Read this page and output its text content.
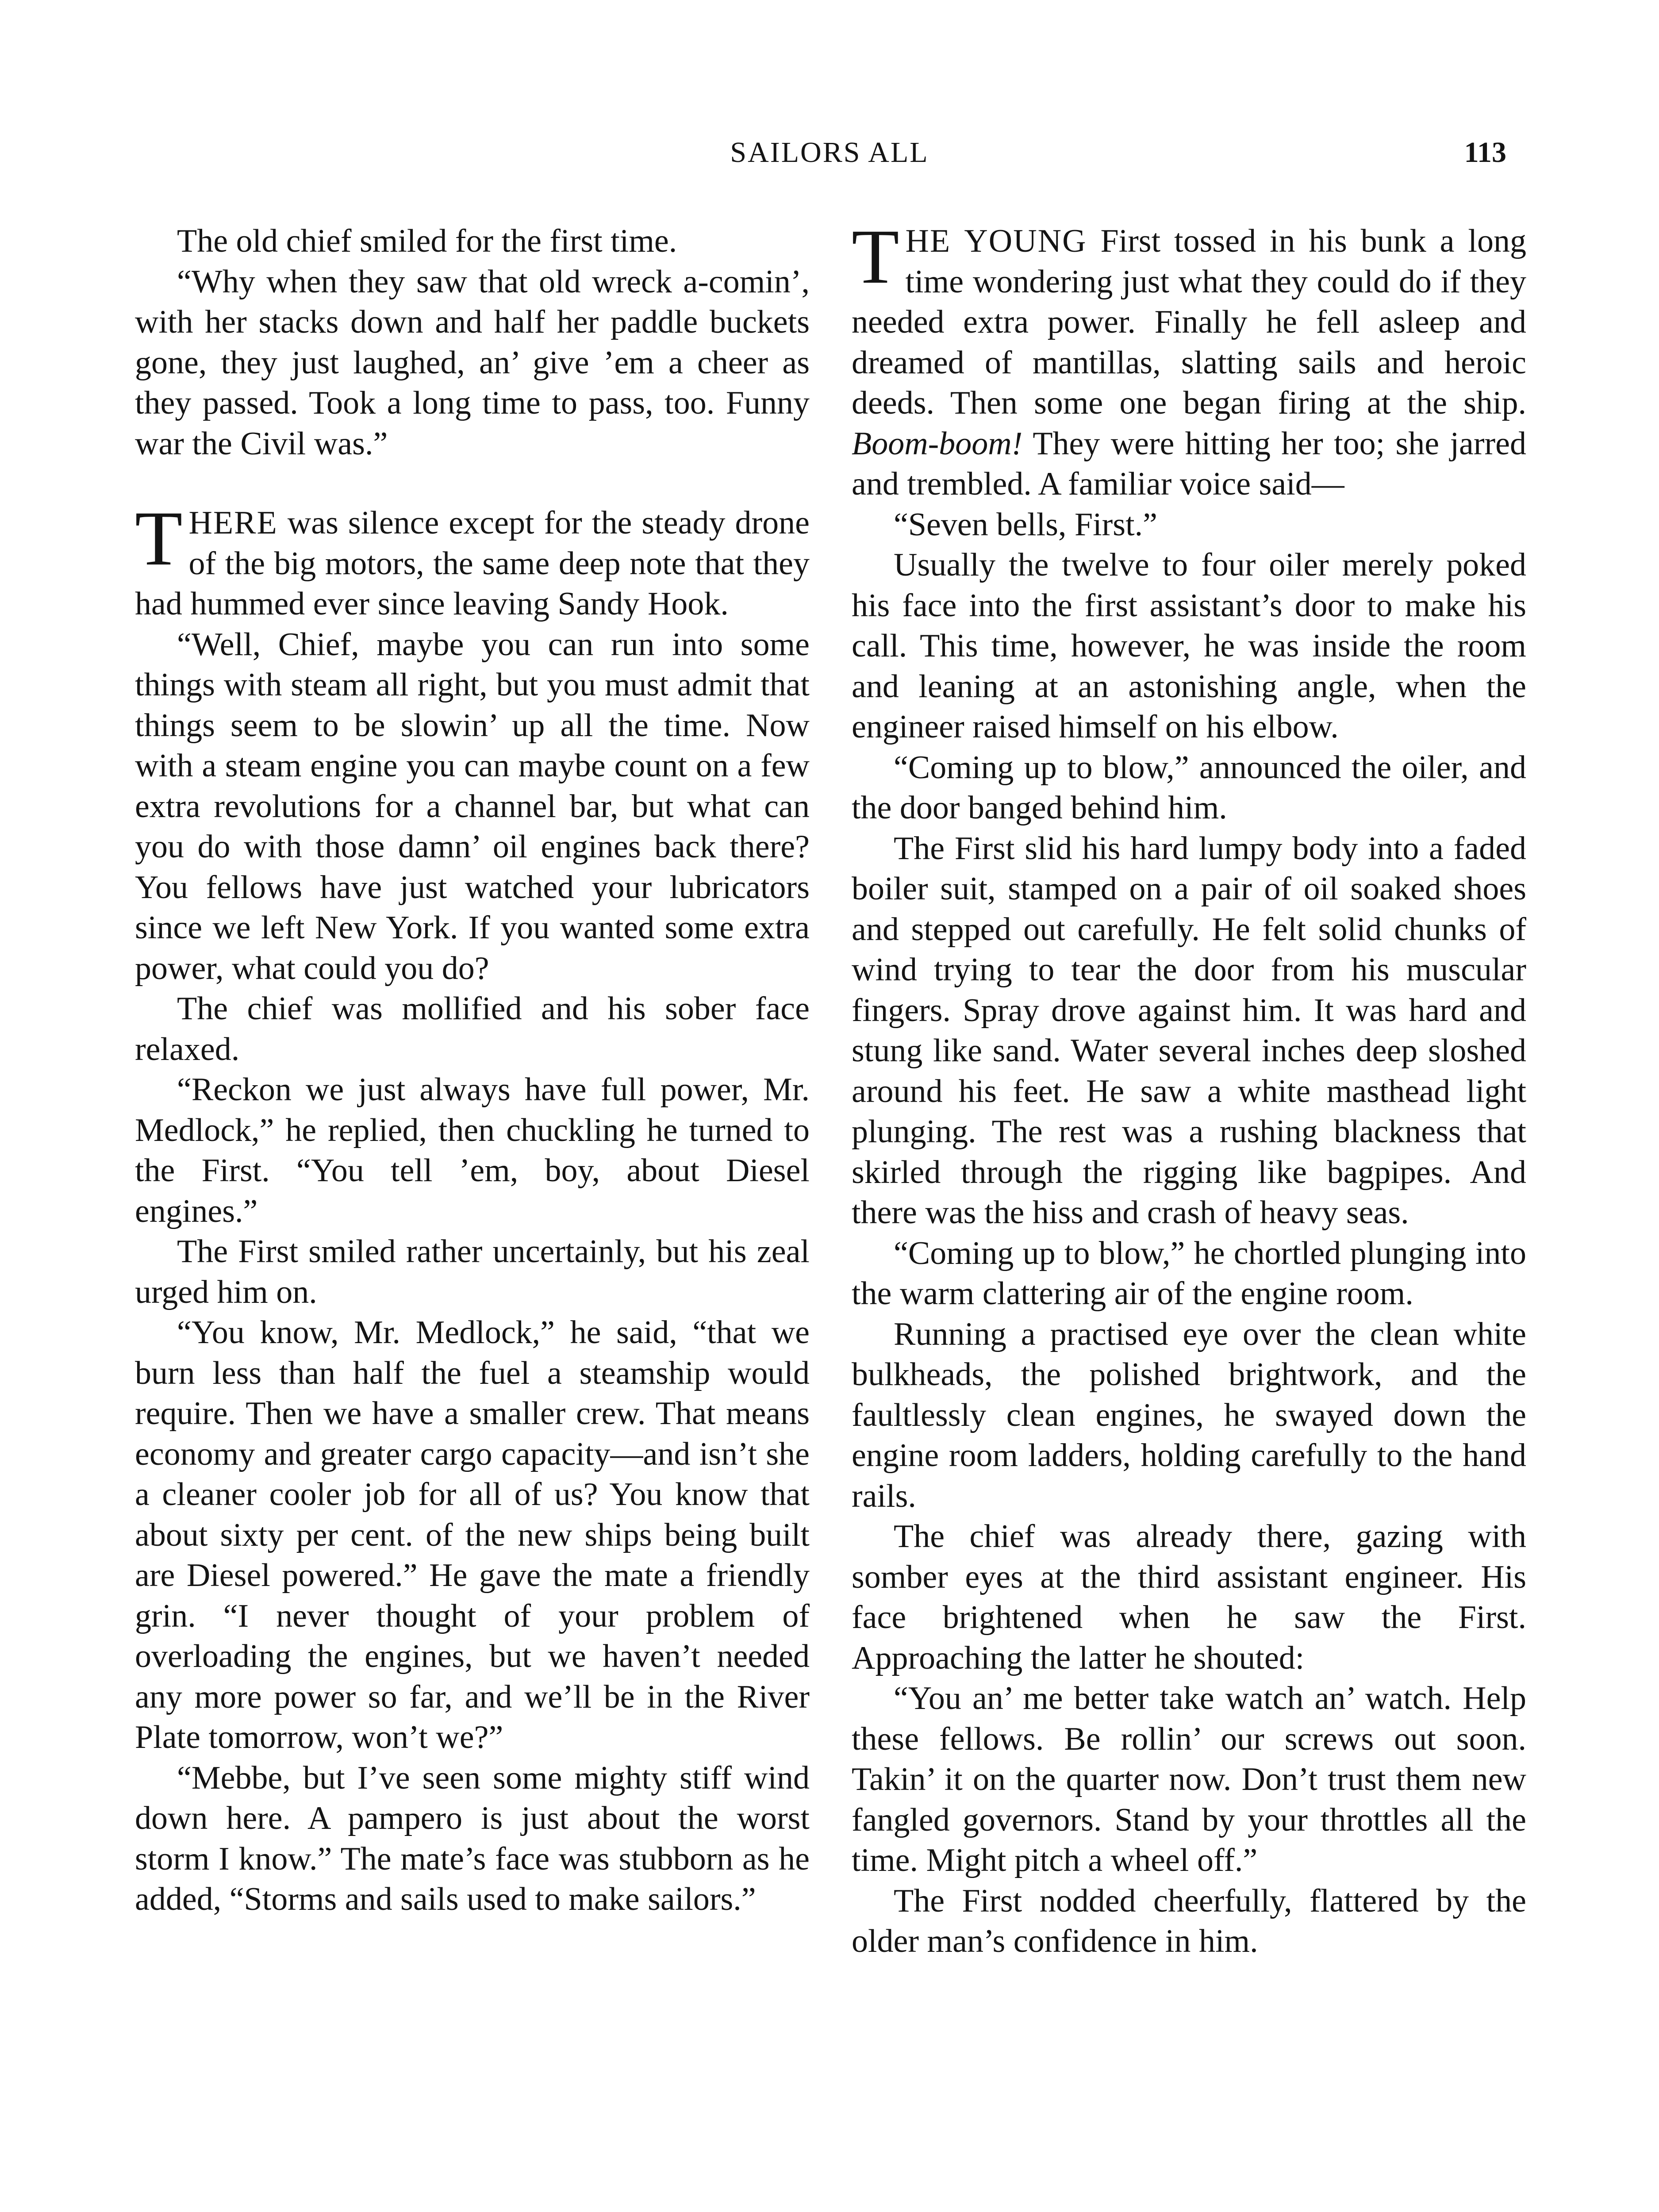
SAILORS ALL	113

The old chief smiled for the first time.

“Why when they saw that old wreck a-comin’, with her stacks down and half her paddle buckets gone, they just laughed, an’ give ’em a cheer as they passed. Took a long time to pass, too. Funny war the Civil was.”

THERE was silence except for the steady drone of the big motors, the same deep note that they had hummed ever since leaving Sandy Hook.

“Well, Chief, maybe you can run into some things with steam all right, but you must admit that things seem to be slowin’ up all the time. Now with a steam engine you can maybe count on a few extra revolutions for a channel bar, but what can you do with those damn’ oil engines back there? You fellows have just watched your lubricators since we left New York. If you wanted some extra power, what could you do?

The chief was mollified and his sober face relaxed.

“Reckon we just always have full power, Mr. Medlock,” he replied, then chuckling he turned to the First. “You tell ’em, boy, about Diesel engines.”

The First smiled rather uncertainly, but his zeal urged him on.

“You know, Mr. Medlock,” he said, “that we burn less than half the fuel a steamship would require. Then we have a smaller crew. That means economy and greater cargo capacity—and isn’t she a cleaner cooler job for all of us? You know that about sixty per cent. of the new ships being built are Diesel powered.” He gave the mate a friendly grin. “I never thought of your problem of overloading the engines, but we haven’t needed any more power so far, and we’ll be in the River Plate tomorrow, won’t we?”

“Mebbe, but I’ve seen some mighty stiff wind down here. A pampero is just about the worst storm I know.” The mate’s face was stubborn as he added, “Storms and sails used to make sailors.”

THE YOUNG First tossed in his bunk a long time wondering just what they could do if they needed extra power. Finally he fell asleep and dreamed of mantillas, slatting sails and heroic deeds. Then some one began firing at the ship. Boom-boom! They were hitting her too; she jarred and trembled. A familiar voice said—

“Seven bells, First.”

Usually the twelve to four oiler merely poked his face into the first assistant’s door to make his call. This time, however, he was inside the room and leaning at an astonishing angle, when the engineer raised himself on his elbow.

“Coming up to blow,” announced the oiler, and the door banged behind him.

The First slid his hard lumpy body into a faded boiler suit, stamped on a pair of oil soaked shoes and stepped out carefully. He felt solid chunks of wind trying to tear the door from his muscular fingers. Spray drove against him. It was hard and stung like sand. Water several inches deep sloshed around his feet. He saw a white masthead light plunging. The rest was a rushing blackness that skirled through the rigging like bagpipes. And there was the hiss and crash of heavy seas.

“Coming up to blow,” he chortled plunging into the warm clattering air of the engine room.

Running a practised eye over the clean white bulkheads, the polished brightwork, and the faultlessly clean engines, he swayed down the engine room ladders, holding carefully to the hand rails.

The chief was already there, gazing with somber eyes at the third assistant engineer. His face brightened when he saw the First. Approaching the latter he shouted:

“You an’ me better take watch an’ watch. Help these fellows. Be rollin’ our screws out soon. Takin’ it on the quarter now. Don’t trust them new fangled governors. Stand by your throttles all the time. Might pitch a wheel off.”

The First nodded cheerfully, flattered by the older man’s confidence in him.
